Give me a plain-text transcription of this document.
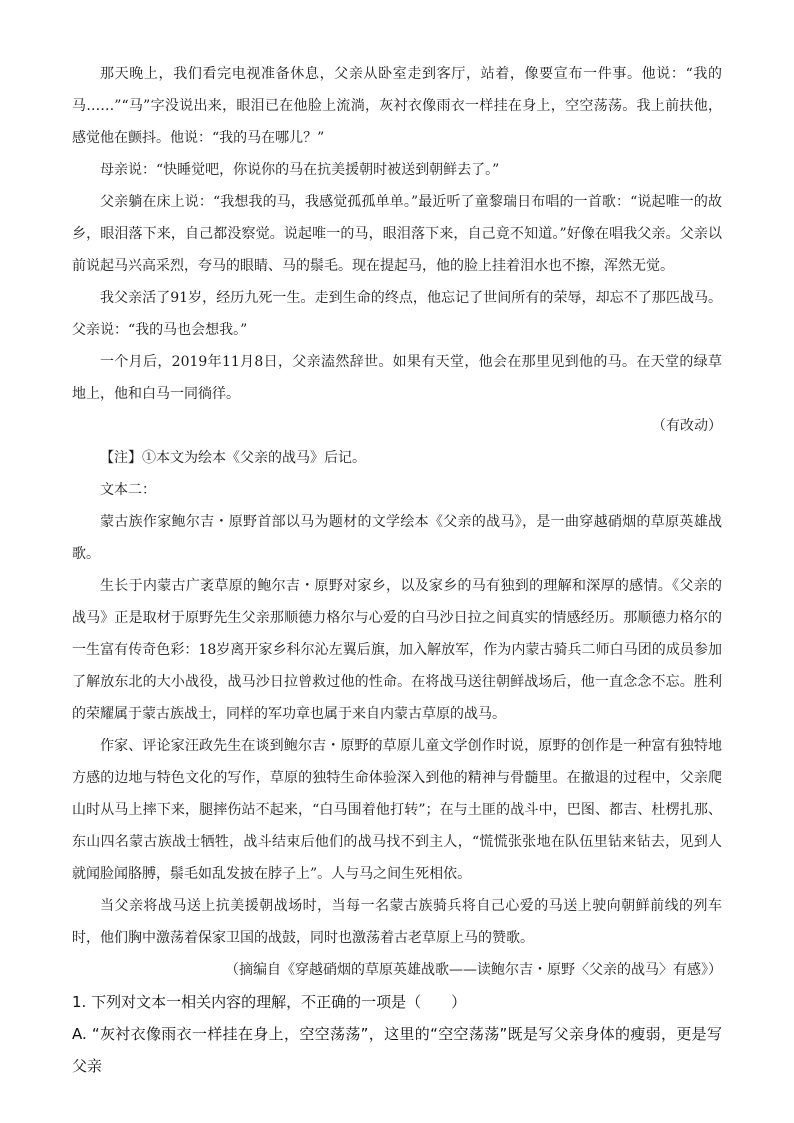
那天晚上，我们看完电视准备休息，父亲从卧室走到客厅，站着，像要宣布一件事。他说：“我的马……”“马”字没说出来，眼泪已在他脸上流淌，灰衬衣像雨衣一样挂在身上，空空荡荡。我上前扶他，感觉他在颤抖。他说：“我的马在哪儿？”

母亲说：“快睡觉吧，你说你的马在抗美援朝时被送到朝鲜去了。”

父亲躺在床上说：“我想我的马，我感觉孤孤单单。”最近听了童黎瑞日布唱的一首歌：“说起唯一的故乡，眼泪落下来，自己都没察觉。说起唯一的马，眼泪落下来，自己竟不知道。”好像在唱我父亲。父亲以前说起马兴高采烈，夸马的眼睛、马的鬃毛。现在提起马，他的脸上挂着泪水也不擦，浑然无觉。

我父亲活了91岁，经历九死一生。走到生命的终点，他忘记了世间所有的荣辱，却忘不了那匹战马。父亲说：“我的马也会想我。”

一个月后，2019年11月8日，父亲溘然辞世。如果有天堂，他会在那里见到他的马。在天堂的绿草地上，他和白马一同徜徉。

（有改动）

【注】①本文为绘本《父亲的战马》后记。

文本二：

蒙古族作家鲍尔吉・原野首部以马为题材的文学绘本《父亲的战马》，是一曲穿越硝烟的草原英雄战歌。

生长于内蒙古广袤草原的鲍尔吉・原野对家乡，以及家乡的马有独到的理解和深厚的感情。《父亲的战马》正是取材于原野先生父亲那顺德力格尔与心爱的白马沙日拉之间真实的情感经历。那顺德力格尔的一生富有传奇色彩：18岁离开家乡科尔沁左翼后旗，加入解放军，作为内蒙古骑兵二师白马团的成员参加了解放东北的大小战役，战马沙日拉曾救过他的性命。在将战马送往朝鲜战场后，他一直念念不忘。胜利的荣耀属于蒙古族战士，同样的军功章也属于来自内蒙古草原的战马。

作家、评论家汪政先生在谈到鲍尔吉・原野的草原儿童文学创作时说，原野的创作是一种富有独特地方感的边地与特色文化的写作，草原的独特生命体验深入到他的精神与骨髓里。在撤退的过程中，父亲爬山时从马上摔下来，腿摔伤站不起来，“白马围着他打转”；在与土匪的战斗中，巴图、都吉、杜楞扎那、东山四名蒙古族战士牺牲，战斗结束后他们的战马找不到主人，“慌慌张张地在队伍里钻来钻去，见到人就闻脸闻胳膊，鬃毛如乱发披在脖子上”。人与马之间生死相依。

当父亲将战马送上抗美援朝战场时，当每一名蒙古族骑兵将自己心爱的马送上驶向朝鲜前线的列车时，他们胸中激荡着保家卫国的战鼓，同时也激荡着古老草原上马的赞歌。

（摘编自《穿越硝烟的草原英雄战歌——读鲍尔吉・原野〈父亲的战马〉有感》）

1. 下列对文本一相关内容的理解，不正确的一项是（　　）

A. “灰衬衣像雨衣一样挂在身上，空空荡荡”，这里的“空空荡荡”既是写父亲身体的瘦弱，更是写父亲
